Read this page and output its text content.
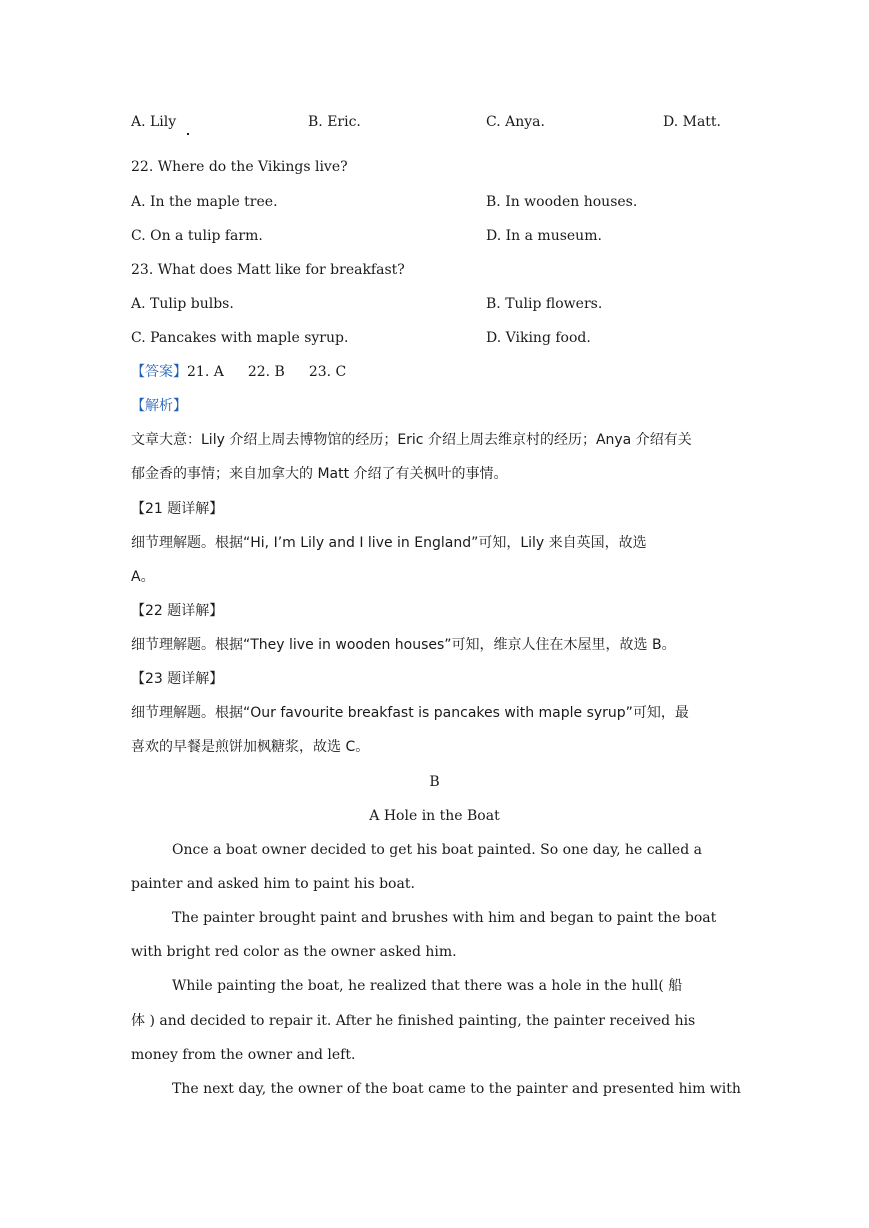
A. Lily	B. Eric.	C. Anya.	D. Matt.
22. Where do the Vikings live?
A. In the maple tree.	B. In wooden houses.
C. On a tulip farm.	D. In a museum.
23. What does Matt like for breakfast?
A. Tulip bulbs.	B. Tulip flowers.
C. Pancakes with maple syrup.	D. Viking food.
【答案】21. A 22. B 23. C
【解析】
文章大意：Lily 介绍上周去博物馆的经历；Eric 介绍上周去维京村的经历；Anya 介绍有关
郁金香的事情；来自加拿大的 Matt 介绍了有关枫叶的事情。
【21 题详解】
细节理解题。根据“Hi, I’m Lily and I live in England”可知，Lily 来自英国，故选
A。
【22 题详解】
细节理解题。根据“They live in wooden houses”可知，维京人住在木屋里，故选 B。
【23 题详解】
细节理解题。根据“Our favourite breakfast is pancakes with maple syrup”可知，最
喜欢的早餐是煎饼加枫糖浆，故选 C。
B
A Hole in the Boat
Once a boat owner decided to get his boat painted. So one day, he called a
painter and asked him to paint his boat.
The painter brought paint and brushes with him and began to paint the boat
with bright red color as the owner asked him.
While painting the boat, he realized that there was a hole in the hull( 船
体 ) and decided to repair it. After he finished painting, the painter received his
money from the owner and left.
The next day, the owner of the boat came to the painter and presented him with
